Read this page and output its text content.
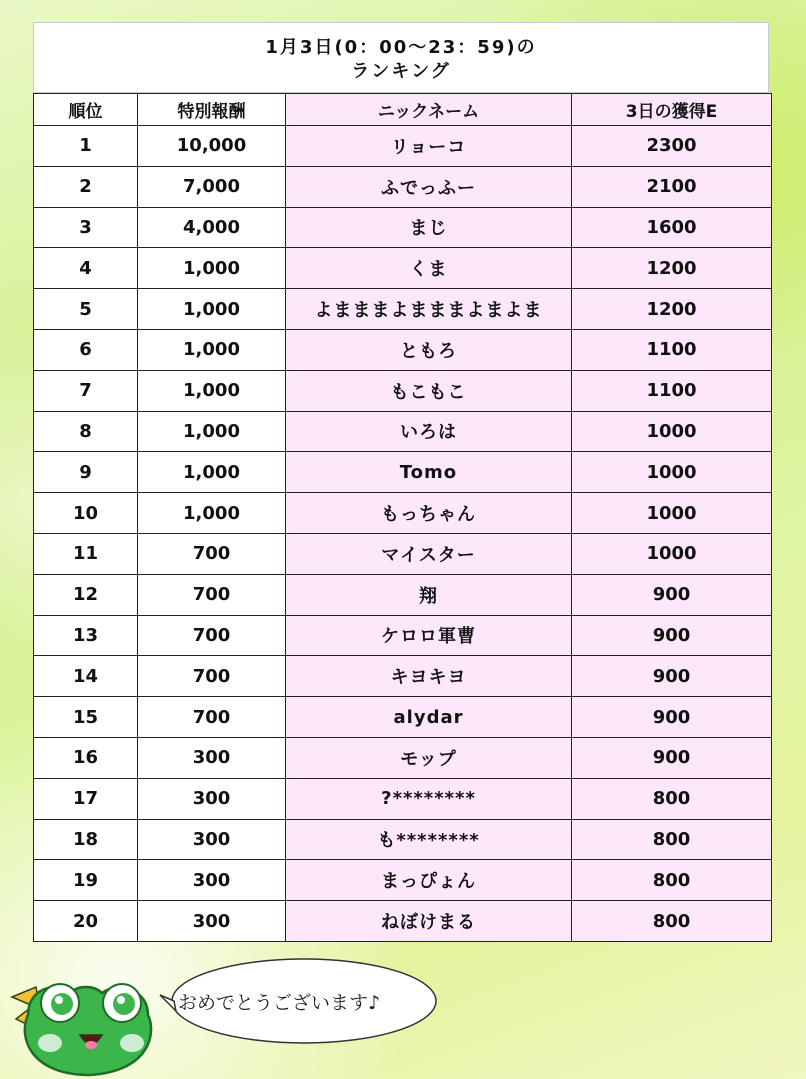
1月3日(0：00～23：59)の
ランキング
順位	特別報酬	ニックネーム	3日の獲得E
1	10,000	リョーコ	2300
2	7,000	ふでっふー	2100
3	4,000	まじ	1600
4	1,000	くま	1200
5	1,000	よまままよまままよまよま	1200
6	1,000	ともろ	1100
7	1,000	もこもこ	1100
8	1,000	いろは	1000
9	1,000	Tomo	1000
10	1,000	もっちゃん	1000
11	700	マイスター	1000
12	700	翔	900
13	700	ケロロ軍曹	900
14	700	キヨキヨ	900
15	700	alydar	900
16	300	モップ	900
17	300	?********	800
18	300	も********	800
19	300	まっぴょん	800
20	300	ねぼけまる	800
おめでとうございます♪
